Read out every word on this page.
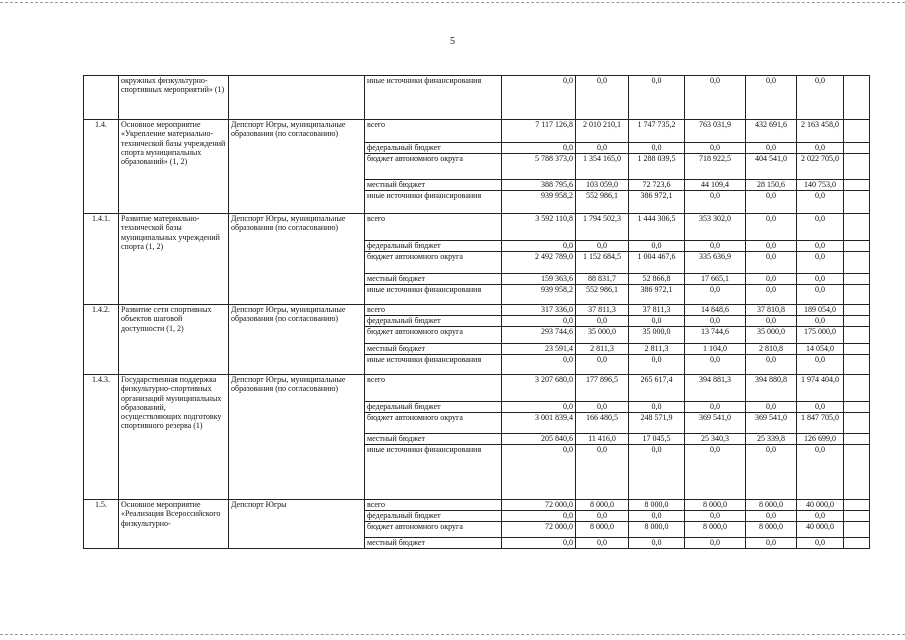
5
	окружных физкультурно-спортивных мероприятий» (1)		иные источники финансирования	0,0	0,0	0,0	0,0	0,0	0,0	
1.4.	Основное мероприятие «Укрепление материально-технической базы учреждений спорта муниципальных образований» (1, 2)	Депспорт Югры, муниципальные образования (по согласованию)	всего	7 117 126,8	2 010 210,1	1 747 735,2	763 031,9	432 691,6	2 163 458,0	
			федеральный бюджет	0,0	0,0	0,0	0,0	0,0	0,0	
			бюджет автономного округа	5 788 373,0	1 354 165,0	1 288 039,5	718 922,5	404 541,0	2 022 705,0	
			местный бюджет	388 795,6	103 059,0	72 723,6	44 109,4	28 150,6	140 753,0	
			иные источники финансирования	939 958,2	552 986,1	386 972,1	0,0	0,0	0,0	
1.4.1.	Развитие материально-технической базы муниципальных учреждений спорта (1, 2)	Депспорт Югры, муниципальные образования (по согласованию)	всего	3 592 110,8	1 794 502,3	1 444 306,5	353 302,0	0,0	0,0	
			федеральный бюджет	0,0	0,0	0,0	0,0	0,0	0,0	
			бюджет автономного округа	2 492 789,0	1 152 684,5	1 004 467,6	335 636,9	0,0	0,0	
			местный бюджет	159 363,6	88 831,7	52 866,8	17 665,1	0,0	0,0	
			иные источники финансирования	939 958,2	552 986,1	386 972,1	0,0	0,0	0,0	
1.4.2.	Развитие сети спортивных объектов шаговой доступности (1, 2)	Депспорт Югры, муниципальные образования (по согласованию)	всего	317 336,0	37 811,3	37 811,3	14 848,6	37 810,8	189 054,0	
			федеральный бюджет	0,0	0,0	0,0	0,0	0,0	0,0	
			бюджет автономного округа	293 744,6	35 000,0	35 000,0	13 744,6	35 000,0	175 000,0	
			местный бюджет	23 591,4	2 811,3	2 811,3	1 104,0	2 810,8	14 054,0	
			иные источники финансирования	0,0	0,0	0,0	0,0	0,0	0,0	
1.4.3.	Государственная поддержка физкультурно-спортивных организаций муниципальных образований, осуществляющих подготовку спортивного резерва (1)	Депспорт Югры, муниципальные образования (по согласованию)	всего	3 207 680,0	177 896,5	265 617,4	394 881,3	394 880,8	1 974 404,0	
			федеральный бюджет	0,0	0,0	0,0	0,0	0,0	0,0	
			бюджет автономного округа	3 001 839,4	166 480,5	248 571,9	369 541,0	369 541,0	1 847 705,0	
			местный бюджет	205 840,6	11 416,0	17 045,5	25 340,3	25 339,8	126 699,0	
			иные источники финансирования	0,0	0,0	0,0	0,0	0,0	0,0	
1.5.	Основное мероприятие «Реализация Всероссийского физкультурно-	Депспорт Югры	всего	72 000,0	8 000,0	8 000,0	8 000,0	8 000,0	40 000,0	
			федеральный бюджет	0,0	0,0	0,0	0,0	0,0	0,0	
			бюджет автономного округа	72 000,0	8 000,0	8 000,0	8 000,0	8 000,0	40 000,0	
			местный бюджет	0,0	0,0	0,0	0,0	0,0	0,0	
